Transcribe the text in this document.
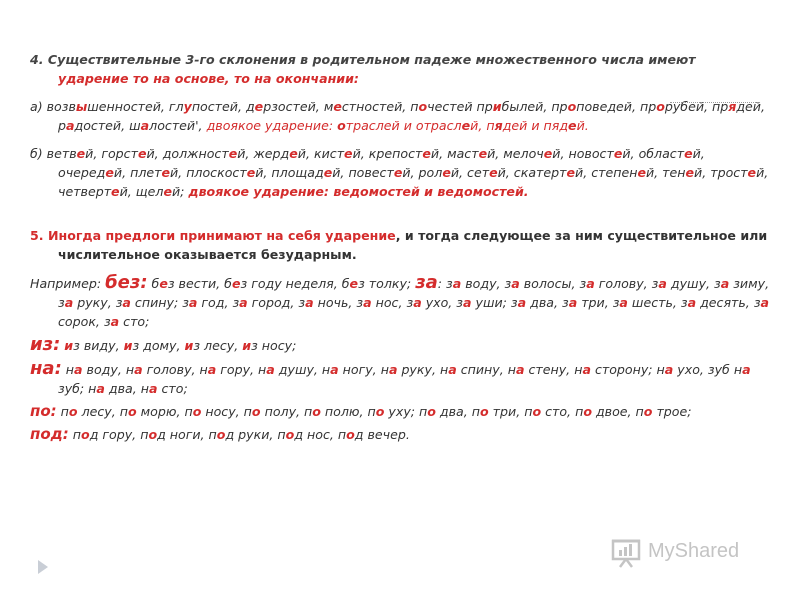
4. Существительные 3-го склонения в родительном падеже множественного числа имеют
ударение то на основе, то на окончании:

а) возвышенностей, глупостей, дерзостей, местностей, почестей прибылей, проповедей, прорубей, прядей, радостей, шалостей', двоякое ударение: отраслей и отраслей, пядей и пядей.

б) ветвей, горстей, должностей, жердей, кистей, крепостей, мастей, мелочей, новостей, областей, очередей, плетей, плоскостей, площадей, повестей, ролей, сетей, скатертей, степеней, теней, тростей, четвертей, щелей; двоякое ударение: ведомостей и ведомостей.

5. Иногда предлоги принимают на себя ударение, и тогда следующее за ним существительное или числительное оказывается безударным.

Например: без: без вести, без году неделя, без толку; за: за воду, за волосы, за голову, за душу, за зиму, за руку, за спину; за год, за город, за ночь, за нос, за ухо, за уши; за два, за три, за шесть, за десять, за сорок, за сто;

из: из виду, из дому, из лесу, из носу;

на: на воду, на голову, на гору, на душу, на ногу, на руку, на спину, на стену, на сторону; на ухо, зуб на зуб; на два, на сто;

по: по лесу, по морю, по носу, по полу, по полю, по уху; по два, по три, по сто, по двое, по трое;

под: под гору, под ноги, под руки, под нос, под вечер.

MyShared
